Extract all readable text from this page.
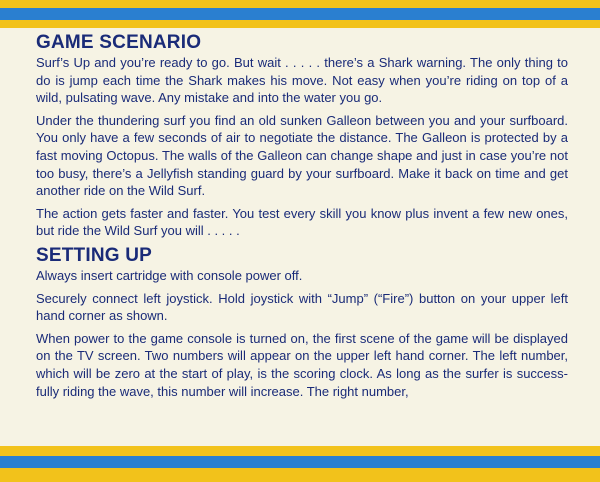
GAME SCENARIO

Surf’s Up and you’re ready to go. But wait . . . . . there’s a Shark warning. The only thing to do is jump each time the Shark makes his move. Not easy when you’re riding on top of a wild, pulsating wave. Any mistake and into the water you go.

Under the thundering surf you find an old sunken Galleon between you and your surfboard. You only have a few seconds of air to negotiate the distance. The Galleon is protected by a fast moving Octopus. The walls of the Galleon can change shape and just in case you’re not too busy, there’s a Jellyfish standing guard by your surfboard. Make it back on time and get another ride on the Wild Surf.

The action gets faster and faster. You test every skill you know plus invent a few new ones, but ride the Wild Surf you will . . . . .

SETTING UP

Always insert cartridge with console power off.

Securely connect left joystick. Hold joystick with “Jump” (“Fire”) button on your upper left hand corner as shown.

When power to the game console is turned on, the first scene of the game will be displayed on the TV screen. Two numbers will appear on the upper left hand corner. The left number, which will be zero at the start of play, is the scoring clock. As long as the surfer is success-fully riding the wave, this number will increase. The right number,
